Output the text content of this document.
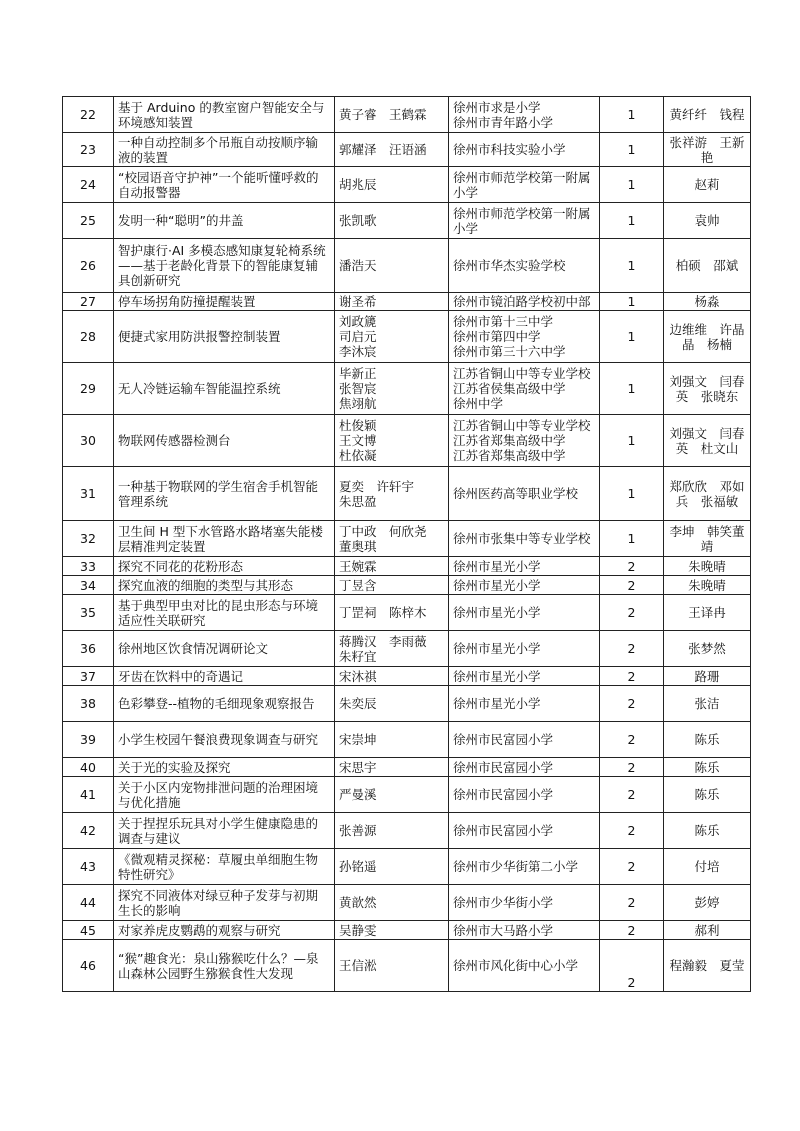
22	基于 Arduino 的教室窗户智能安全与环境感知装置	黄子睿　王鹤霖	徐州市求是小学
徐州市青年路小学	1	黄纤纤　钱程
23	一种自动控制多个吊瓶自动按顺序输液的装置	郭耀泽　汪语涵	徐州市科技实验小学	1	张祥游　王新艳
24	“校园语音守护神”一个能听懂呼救的自动报警器	胡兆辰	徐州市师范学校第一附属小学	1	赵莉
25	发明一种“聪明”的井盖	张凯歌	徐州市师范学校第一附属小学	1	袁帅
26	智护康行·AI 多模态感知康复轮椅系统——基于老龄化背景下的智能康复辅具创新研究	潘浩天	徐州市华杰实验学校	1	柏硕　邵斌
27	停车场拐角防撞提醒装置	谢圣希	徐州市镜泊路学校初中部	1	杨淼
28	便捷式家用防洪报警控制装置	刘政篪
司启元
李沐宸	徐州市第十三中学
徐州市第四中学
徐州市第三十六中学	1	边维维　许晶晶　杨楠
29	无人冷链运输车智能温控系统	毕新正
张智宸
焦翊航	江苏省铜山中等专业学校
江苏省侯集高级中学
徐州中学	1	刘强文　闫春英　张晓东
30	物联网传感器检测台	杜俊颖
王文博
杜依凝	江苏省铜山中等专业学校
江苏省郑集高级中学
江苏省郑集高级中学	1	刘强文　闫春英　杜文山
31	一种基于物联网的学生宿舍手机智能管理系统	夏奕　许轩宇
朱思盈	徐州医药高等职业学校	1	郑欣欣　邓如兵　张福敏
32	卫生间 H 型下水管路水路堵塞失能楼层精准判定装置	丁中政　何欣尧
董奥琪	徐州市张集中等专业学校	1	李坤　韩笑董靖
33	探究不同花的花粉形态	王婉霖	徐州市星光小学	2	朱晚晴
34	探究血液的细胞的类型与其形态	丁昱含	徐州市星光小学	2	朱晚晴
35	基于典型甲虫对比的昆虫形态与环境适应性关联研究	丁罡祠　陈梓木	徐州市星光小学	2	王译冉
36	徐州地区饮食情况调研论文	蒋腾汉　李雨薇
朱籽宜	徐州市星光小学	2	张梦然
37	牙齿在饮料中的奇遇记	宋沐祺	徐州市星光小学	2	路珊
38	色彩攀登--植物的毛细现象观察报告	朱奕辰	徐州市星光小学	2	张洁
39	小学生校园午餐浪费现象调查与研究	宋崇坤	徐州市民富园小学	2	陈乐
40	关于光的实验及探究	宋思宇	徐州市民富园小学	2	陈乐
41	关于小区内宠物排泄问题的治理困境与优化措施	严曼溪	徐州市民富园小学	2	陈乐
42	关于捏捏乐玩具对小学生健康隐患的调查与建议	张善源	徐州市民富园小学	2	陈乐
43	《微观精灵探秘：草履虫单细胞生物特性研究》	孙铭遥	徐州市少华街第二小学	2	付培
44	探究不同液体对绿豆种子发芽与初期生长的影响	黄歆然	徐州市少华街小学	2	彭婷
45	对家养虎皮鹦鹉的观察与研究	吴静雯	徐州市大马路小学	2	郝利
46	“猴”趣食光：泉山猕猴吃什么？—泉山森林公园野生猕猴食性大发现	王信淞	徐州市风化街中心小学	2	程瀚毅　夏莹
